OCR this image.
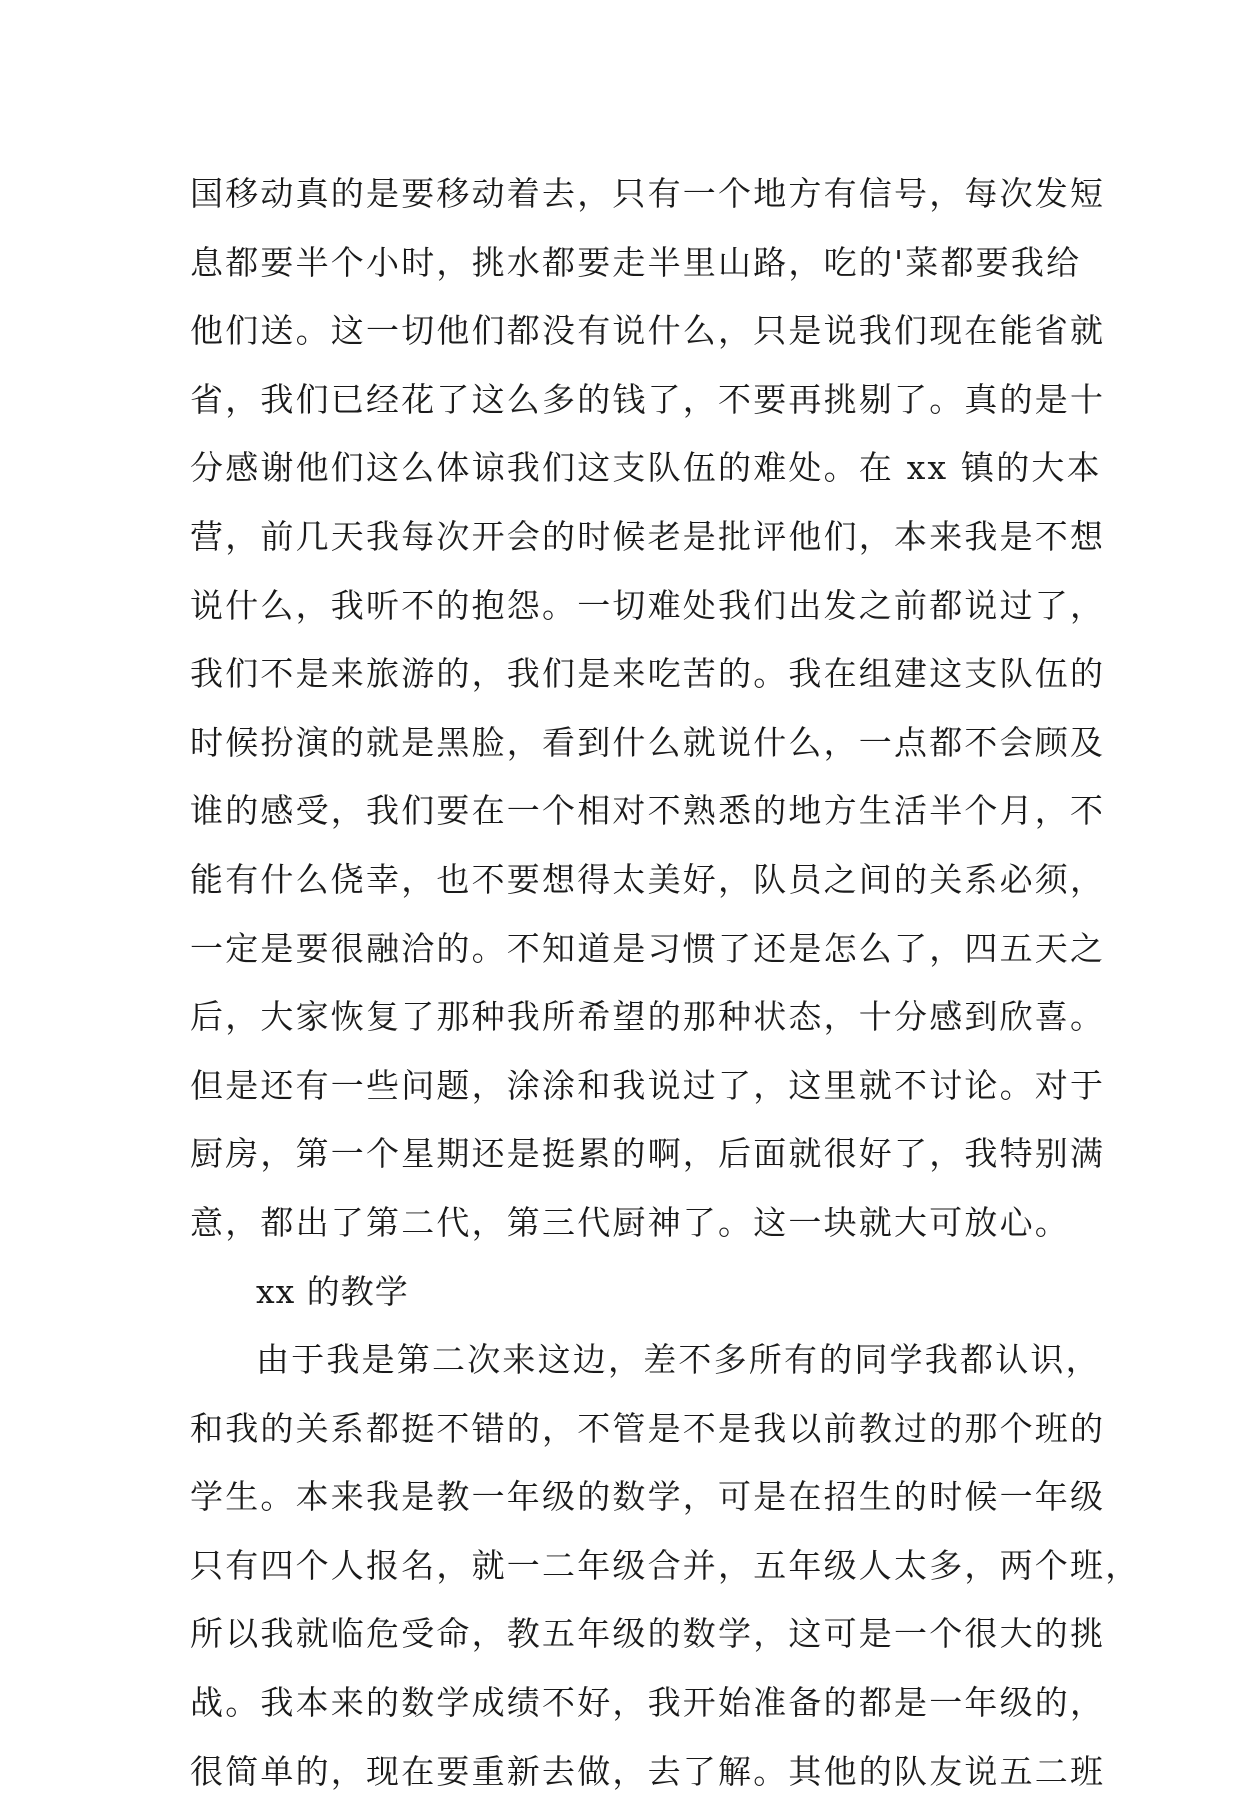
国移动真的是要移动着去，只有一个地方有信号，每次发短
息都要半个小时，挑水都要走半里山路，吃的'菜都要我给
他们送。这一切他们都没有说什么，只是说我们现在能省就
省，我们已经花了这么多的钱了，不要再挑剔了。真的是十
分感谢他们这么体谅我们这支队伍的难处。在 xx 镇的大本
营，前几天我每次开会的时候老是批评他们，本来我是不想
说什么，我听不的抱怨。一切难处我们出发之前都说过了，
我们不是来旅游的，我们是来吃苦的。我在组建这支队伍的
时候扮演的就是黑脸，看到什么就说什么，一点都不会顾及
谁的感受，我们要在一个相对不熟悉的地方生活半个月，不
能有什么侥幸，也不要想得太美好，队员之间的关系必须，
一定是要很融洽的。不知道是习惯了还是怎么了，四五天之
后，大家恢复了那种我所希望的那种状态，十分感到欣喜。
但是还有一些问题，涂涂和我说过了，这里就不讨论。对于
厨房，第一个星期还是挺累的啊，后面就很好了，我特别满
意，都出了第二代，第三代厨神了。这一块就大可放心。
xx 的教学
由于我是第二次来这边，差不多所有的同学我都认识，
和我的关系都挺不错的，不管是不是我以前教过的那个班的
学生。本来我是教一年级的数学，可是在招生的时候一年级
只有四个人报名，就一二年级合并，五年级人太多，两个班，
所以我就临危受命，教五年级的数学，这可是一个很大的挑
战。我本来的数学成绩不好，我开始准备的都是一年级的，
很简单的，现在要重新去做，去了解。其他的队友说五二班
